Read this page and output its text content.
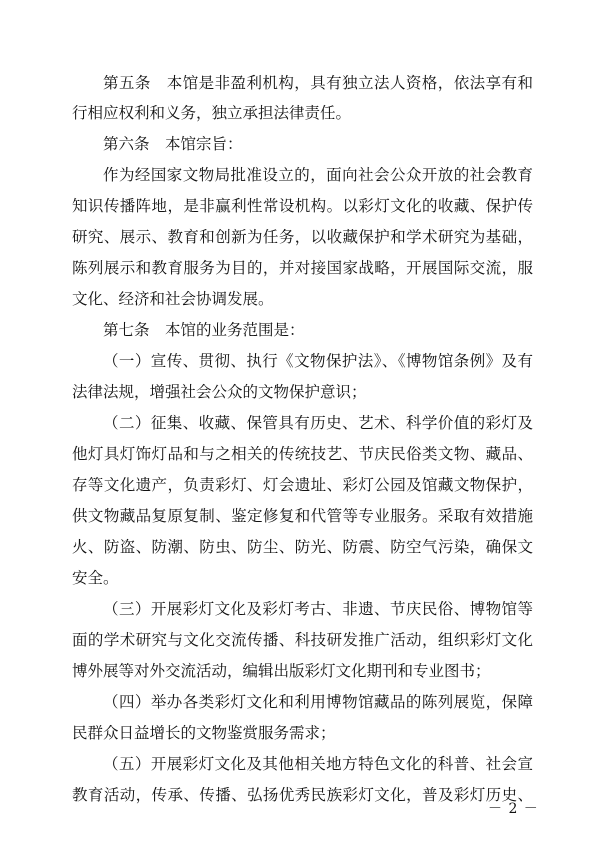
第五条　本馆是非盈利机构，具有独立法人资格，依法享有和
行相应权利和义务，独立承担法律责任。
第六条　本馆宗旨：
作为经国家文物局批准设立的，面向社会公众开放的社会教育
知识传播阵地，是非赢利性常设机构。以彩灯文化的收藏、保护传
研究、展示、教育和创新为任务，以收藏保护和学术研究为基础，
陈列展示和教育服务为目的，并对接国家战略，开展国际交流，服
文化、经济和社会协调发展。
第七条　本馆的业务范围是：
（一）宣传、贯彻、执行《文物保护法》、《博物馆条例》及有
法律法规，增强社会公众的文物保护意识；
（二）征集、收藏、保管具有历史、艺术、科学价值的彩灯及
他灯具灯饰灯品和与之相关的传统技艺、节庆民俗类文物、藏品、
存等文化遗产，负责彩灯、灯会遗址、彩灯公园及馆藏文物保护，
供文物藏品复原复制、鉴定修复和代管等专业服务。采取有效措施
火、防盗、防潮、防虫、防尘、防光、防震、防空气污染，确保文
安全。
（三）开展彩灯文化及彩灯考古、非遗、节庆民俗、博物馆等
面的学术研究与文化交流传播、科技研发推广活动，组织彩灯文化
博外展等对外交流活动，编辑出版彩灯文化期刊和专业图书；
（四）举办各类彩灯文化和利用博物馆藏品的陈列展览，保障
民群众日益增长的文物鉴赏服务需求；
（五）开展彩灯文化及其他相关地方特色文化的科普、社会宣
教育活动，传承、传播、弘扬优秀民族彩灯文化，普及彩灯历史、
－ 2 －
